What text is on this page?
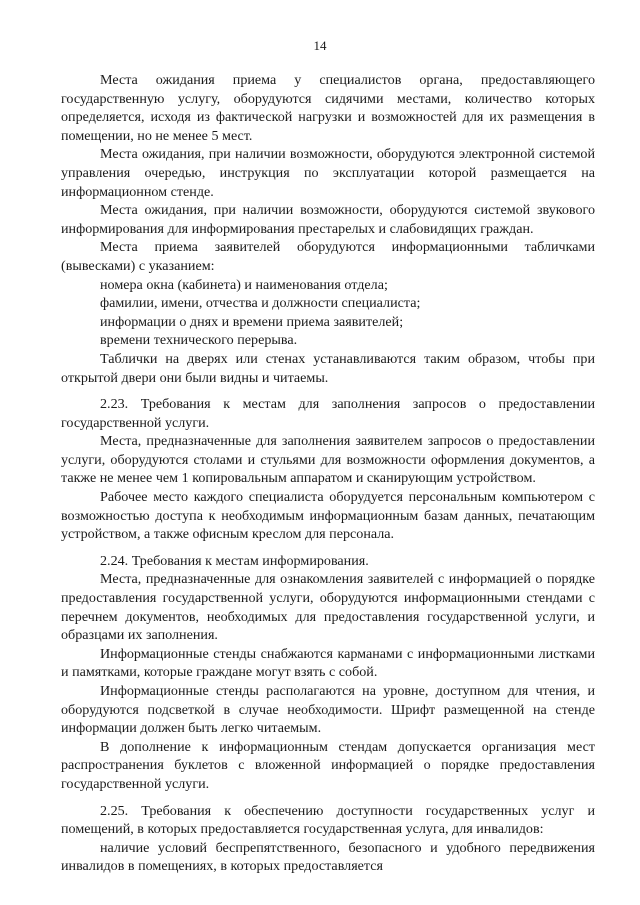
14

Места ожидания приема у специалистов органа, предоставляющего государственную услугу, оборудуются сидячими местами, количество которых определяется, исходя из фактической нагрузки и возможностей для их размещения в помещении, но не менее 5 мест.

Места ожидания, при наличии возможности, оборудуются электронной системой управления очередью, инструкция по эксплуатации которой размещается на информационном стенде.

Места ожидания, при наличии возможности, оборудуются системой звукового информирования для информирования престарелых и слабовидящих граждан.

Места приема заявителей оборудуются информационными табличками (вывесками) с указанием:

номера окна (кабинета) и наименования отдела;

фамилии, имени, отчества и должности специалиста;

информации о днях и времени приема заявителей;

времени технического перерыва.

Таблички на дверях или стенах устанавливаются таким образом, чтобы при открытой двери они были видны и читаемы.

2.23. Требования к местам для заполнения запросов о предоставлении государственной услуги.

Места, предназначенные для заполнения заявителем запросов о предоставлении услуги, оборудуются столами и стульями для возможности оформления документов, а также не менее чем 1 копировальным аппаратом и сканирующим устройством.

Рабочее место каждого специалиста оборудуется персональным компьютером с возможностью доступа к необходимым информационным базам данных, печатающим устройством, а также офисным креслом для персонала.

2.24. Требования к местам информирования.

Места, предназначенные для ознакомления заявителей с информацией о порядке предоставления государственной услуги, оборудуются информационными стендами с перечнем документов, необходимых для предоставления государственной услуги, и образцами их заполнения.

Информационные стенды снабжаются карманами с информационными листками и памятками, которые граждане могут взять с собой.

Информационные стенды располагаются на уровне, доступном для чтения, и оборудуются подсветкой в случае необходимости. Шрифт размещенной на стенде информации должен быть легко читаемым.

В дополнение к информационным стендам допускается организация мест распространения буклетов с вложенной информацией о порядке предоставления государственной услуги.

2.25. Требования к обеспечению доступности государственных услуг и помещений, в которых предоставляется государственная услуга, для инвалидов:

наличие условий беспрепятственного, безопасного и удобного передвижения инвалидов в помещениях, в которых предоставляется
